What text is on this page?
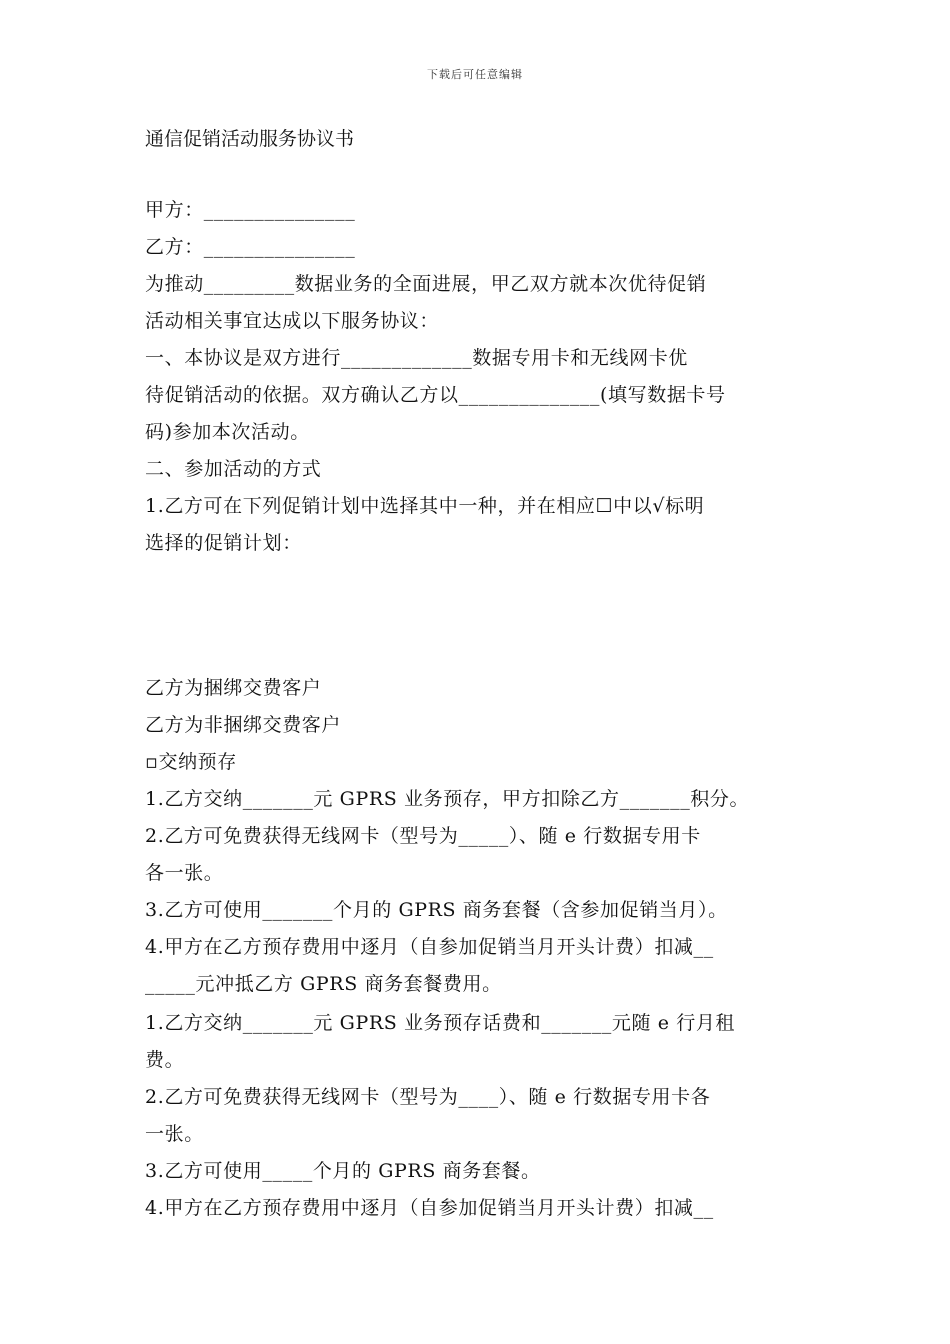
下载后可任意编辑
通信促销活动服务协议书
甲方：_______________
乙方：_______________
为推动_________数据业务的全面进展，甲乙双方就本次优待促销
活动相关事宜达成以下服务协议：
一、本协议是双方进行_____________数据专用卡和无线网卡优
待促销活动的依据。双方确认乙方以______________(填写数据卡号
码)参加本次活动。
二、参加活动的方式
1.乙方可在下列促销计划中选择其中一种，并在相应☐中以√标明
选择的促销计划：
乙方为捆绑交费客户
乙方为非捆绑交费客户
▫交纳预存
1.乙方交纳_______元 GPRS 业务预存，甲方扣除乙方_______积分。
2.乙方可免费获得无线网卡（型号为_____）、随 e 行数据专用卡
各一张。
3.乙方可使用_______个月的 GPRS 商务套餐（含参加促销当月）。
4.甲方在乙方预存费用中逐月（自参加促销当月开头计费）扣减__
_____元冲抵乙方 GPRS 商务套餐费用。
1.乙方交纳_______元 GPRS 业务预存话费和_______元随 e 行月租
费。
2.乙方可免费获得无线网卡（型号为____）、随 e 行数据专用卡各
一张。
3.乙方可使用_____个月的 GPRS 商务套餐。
4.甲方在乙方预存费用中逐月（自参加促销当月开头计费）扣减__
